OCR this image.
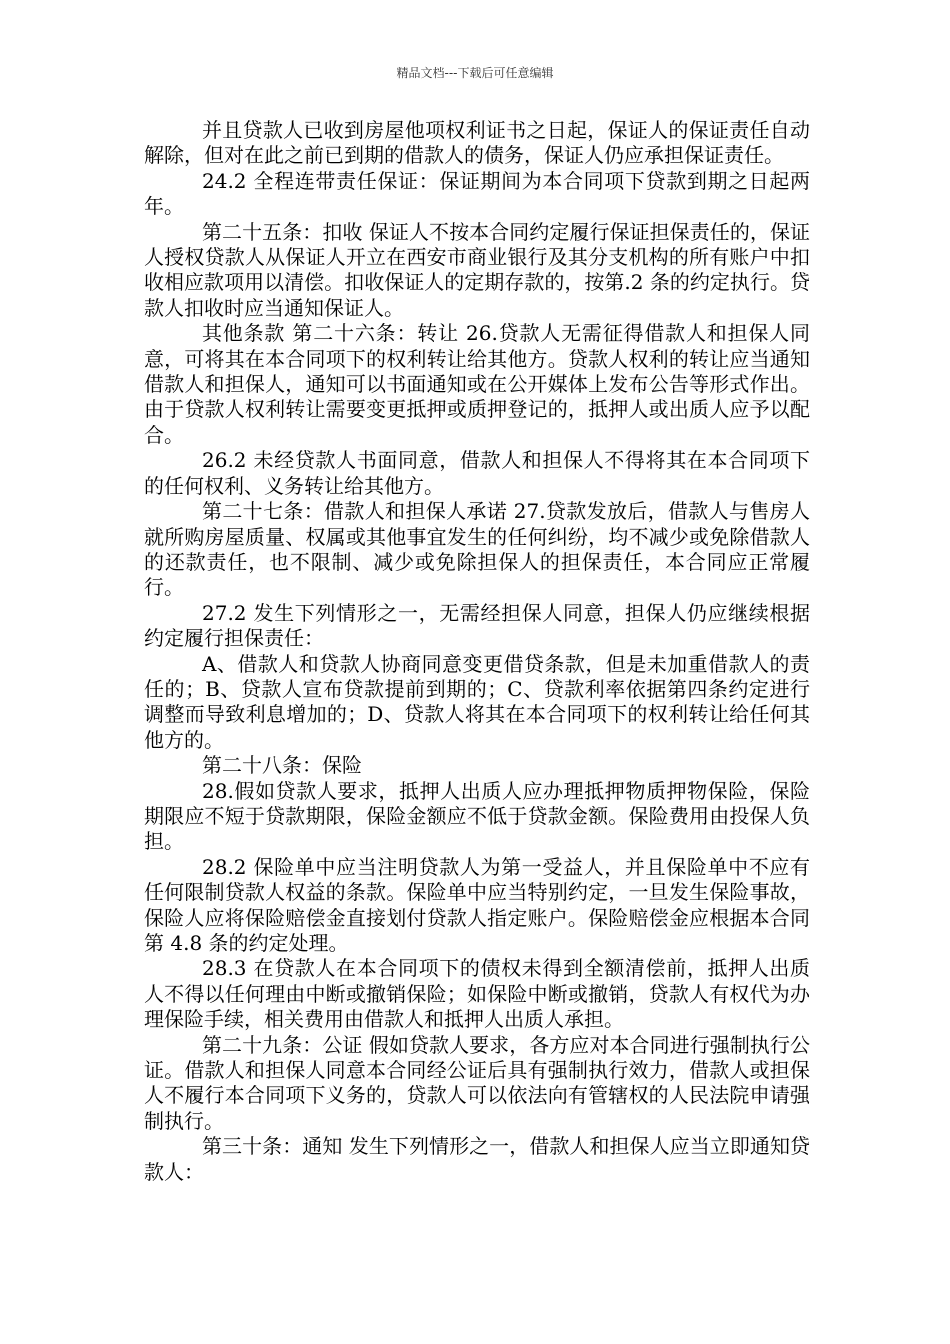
精品文档---下载后可任意编辑

并且贷款人已收到房屋他项权利证书之日起，保证人的保证责任自动解除，但对在此之前已到期的借款人的债务，保证人仍应承担保证责任。

24.2 全程连带责任保证：保证期间为本合同项下贷款到期之日起两年。

第二十五条：扣收 保证人不按本合同约定履行保证担保责任的，保证人授权贷款人从保证人开立在西安市商业银行及其分支机构的所有账户中扣收相应款项用以清偿。扣收保证人的定期存款的，按第.2 条的约定执行。贷款人扣收时应当通知保证人。

其他条款 第二十六条：转让 26.贷款人无需征得借款人和担保人同意，可将其在本合同项下的权利转让给其他方。贷款人权利的转让应当通知借款人和担保人，通知可以书面通知或在公开媒体上发布公告等形式作出。由于贷款人权利转让需要变更抵押或质押登记的，抵押人或出质人应予以配合。

26.2 未经贷款人书面同意，借款人和担保人不得将其在本合同项下的任何权利、义务转让给其他方。

第二十七条：借款人和担保人承诺 27.贷款发放后，借款人与售房人就所购房屋质量、权属或其他事宜发生的任何纠纷，均不减少或免除借款人的还款责任，也不限制、减少或免除担保人的担保责任，本合同应正常履行。

27.2 发生下列情形之一，无需经担保人同意，担保人仍应继续根据约定履行担保责任：

A、借款人和贷款人协商同意变更借贷条款，但是未加重借款人的责任的；B、贷款人宣布贷款提前到期的；C、贷款利率依据第四条约定进行调整而导致利息增加的；D、贷款人将其在本合同项下的权利转让给任何其他方的。

第二十八条：保险

28.假如贷款人要求，抵押人出质人应办理抵押物质押物保险，保险期限应不短于贷款期限，保险金额应不低于贷款金额。保险费用由投保人负担。

28.2 保险单中应当注明贷款人为第一受益人，并且保险单中不应有任何限制贷款人权益的条款。保险单中应当特别约定，一旦发生保险事故，保险人应将保险赔偿金直接划付贷款人指定账户。保险赔偿金应根据本合同第 4.8 条的约定处理。

28.3 在贷款人在本合同项下的债权未得到全额清偿前，抵押人出质人不得以任何理由中断或撤销保险；如保险中断或撤销，贷款人有权代为办理保险手续，相关费用由借款人和抵押人出质人承担。

第二十九条：公证 假如贷款人要求，各方应对本合同进行强制执行公证。借款人和担保人同意本合同经公证后具有强制执行效力，借款人或担保人不履行本合同项下义务的，贷款人可以依法向有管辖权的人民法院申请强制执行。

第三十条：通知 发生下列情形之一，借款人和担保人应当立即通知贷款人：
